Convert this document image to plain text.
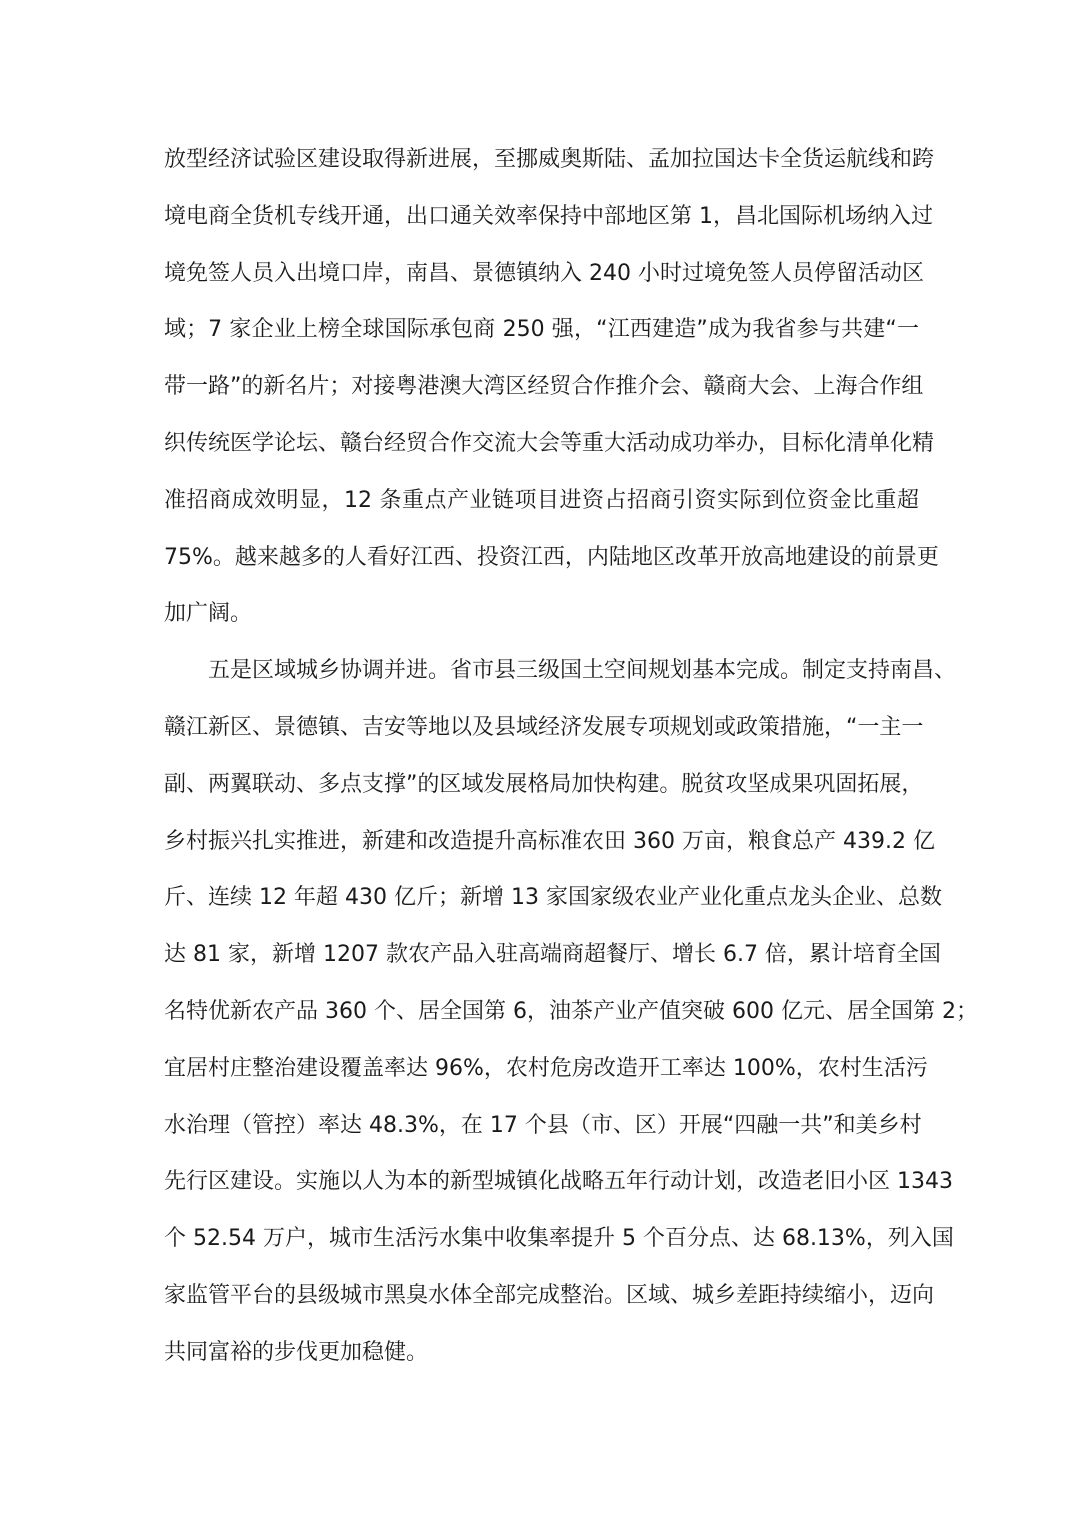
放型经济试验区建设取得新进展，至挪威奥斯陆、孟加拉国达卡全货运航线和跨
境电商全货机专线开通，出口通关效率保持中部地区第 1，昌北国际机场纳入过
境免签人员入出境口岸，南昌、景德镇纳入 240 小时过境免签人员停留活动区
域；7 家企业上榜全球国际承包商 250 强，“江西建造”成为我省参与共建“一
带一路”的新名片；对接粤港澳大湾区经贸合作推介会、赣商大会、上海合作组
织传统医学论坛、赣台经贸合作交流大会等重大活动成功举办，目标化清单化精
准招商成效明显，12 条重点产业链项目进资占招商引资实际到位资金比重超
75%。越来越多的人看好江西、投资江西，内陆地区改革开放高地建设的前景更
加广阔。
五是区域城乡协调并进。省市县三级国土空间规划基本完成。制定支持南昌、
赣江新区、景德镇、吉安等地以及县域经济发展专项规划或政策措施，“一主一
副、两翼联动、多点支撑”的区域发展格局加快构建。脱贫攻坚成果巩固拓展，
乡村振兴扎实推进，新建和改造提升高标准农田 360 万亩，粮食总产 439.2 亿
斤、连续 12 年超 430 亿斤；新增 13 家国家级农业产业化重点龙头企业、总数
达 81 家，新增 1207 款农产品入驻高端商超餐厅、增长 6.7 倍，累计培育全国
名特优新农产品 360 个、居全国第 6，油茶产业产值突破 600 亿元、居全国第 2；
宜居村庄整治建设覆盖率达 96%，农村危房改造开工率达 100%，农村生活污
水治理（管控）率达 48.3%，在 17 个县（市、区）开展“四融一共”和美乡村
先行区建设。实施以人为本的新型城镇化战略五年行动计划，改造老旧小区 1343
个 52.54 万户，城市生活污水集中收集率提升 5 个百分点、达 68.13%，列入国
家监管平台的县级城市黑臭水体全部完成整治。区域、城乡差距持续缩小，迈向
共同富裕的步伐更加稳健。
